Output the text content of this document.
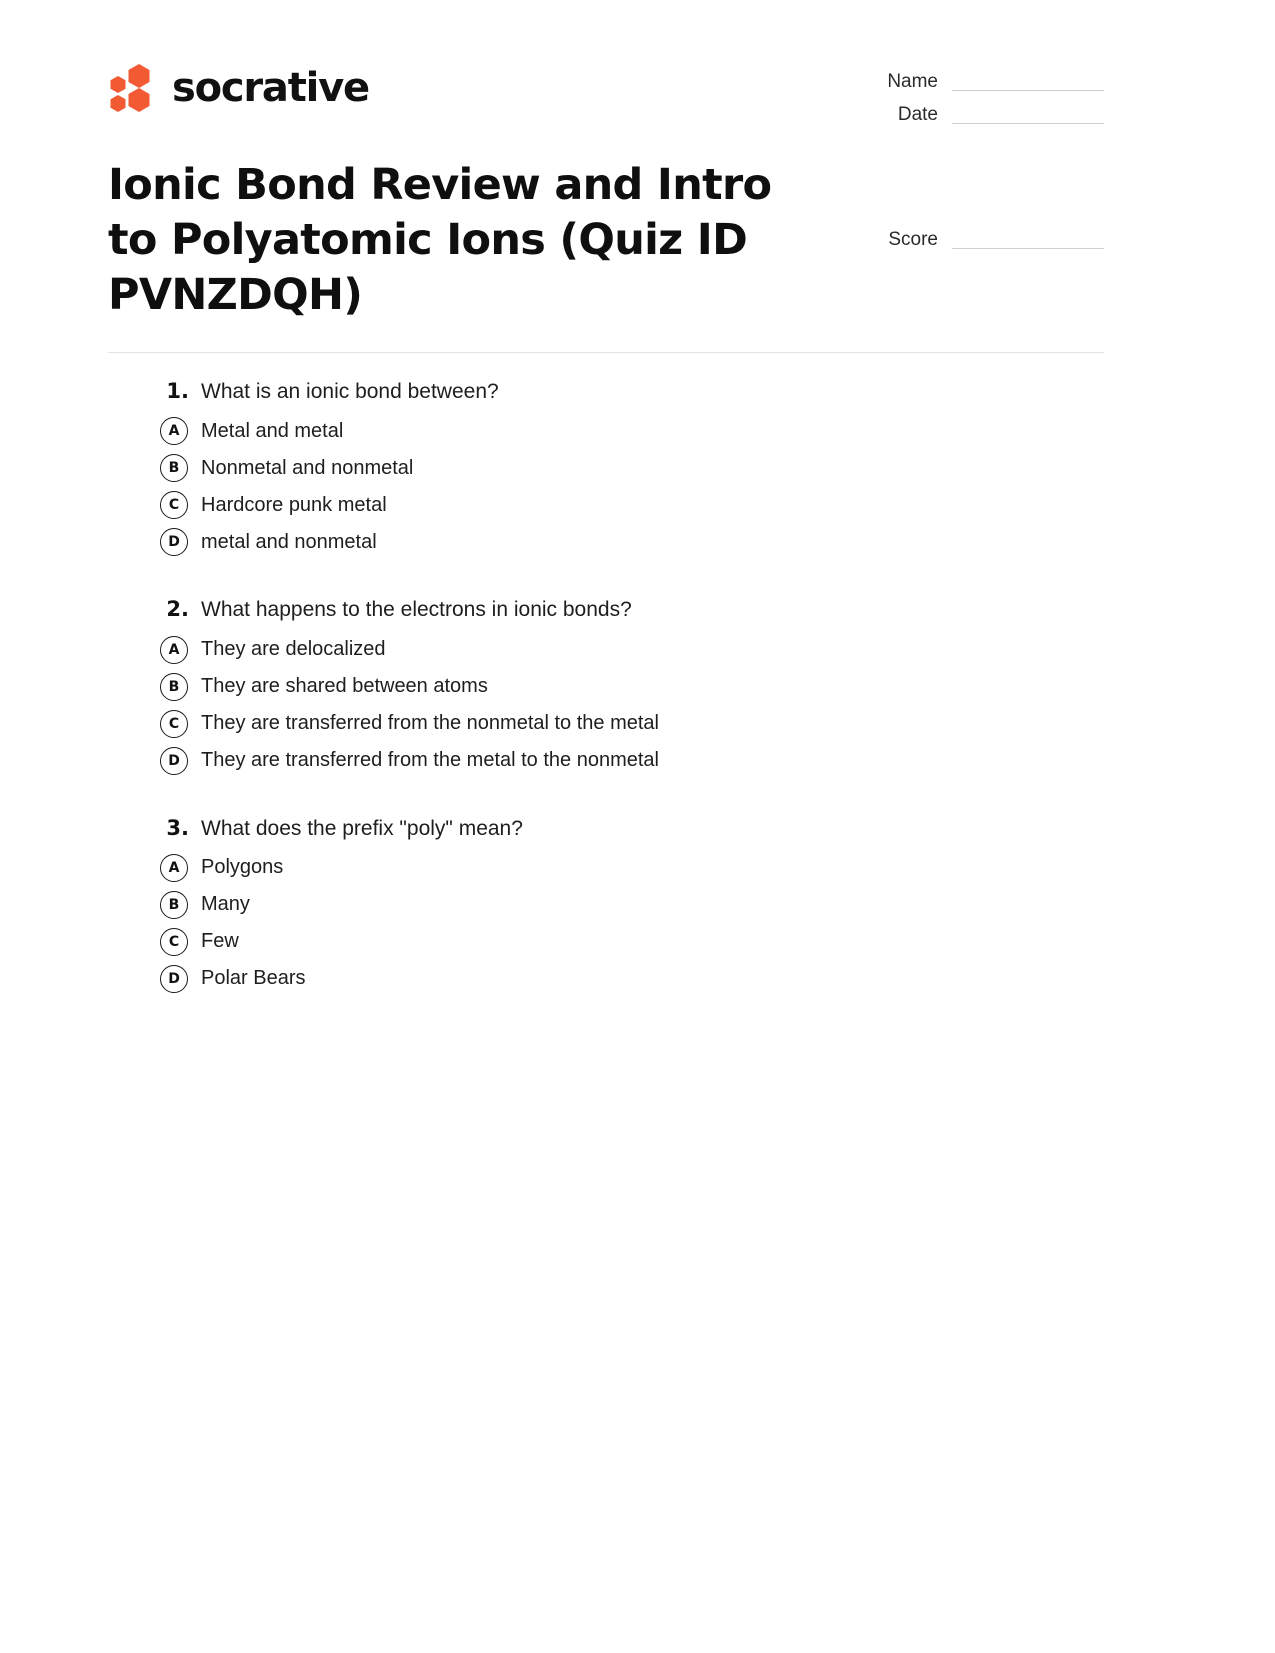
socrative	Name
Date
Ionic Bond Review and Intro to Polyatomic Ions (Quiz ID PVNZDQH)
Score
1. What is an ionic bond between?
A	Metal and metal
B	Nonmetal and nonmetal
C	Hardcore punk metal
D	metal and nonmetal
2. What happens to the electrons in ionic bonds?
A	They are delocalized
B	They are shared between atoms
C	They are transferred from the nonmetal to the metal
D	They are transferred from the metal to the nonmetal
3. What does the prefix "poly" mean?
A	Polygons
B	Many
C	Few
D	Polar Bears
